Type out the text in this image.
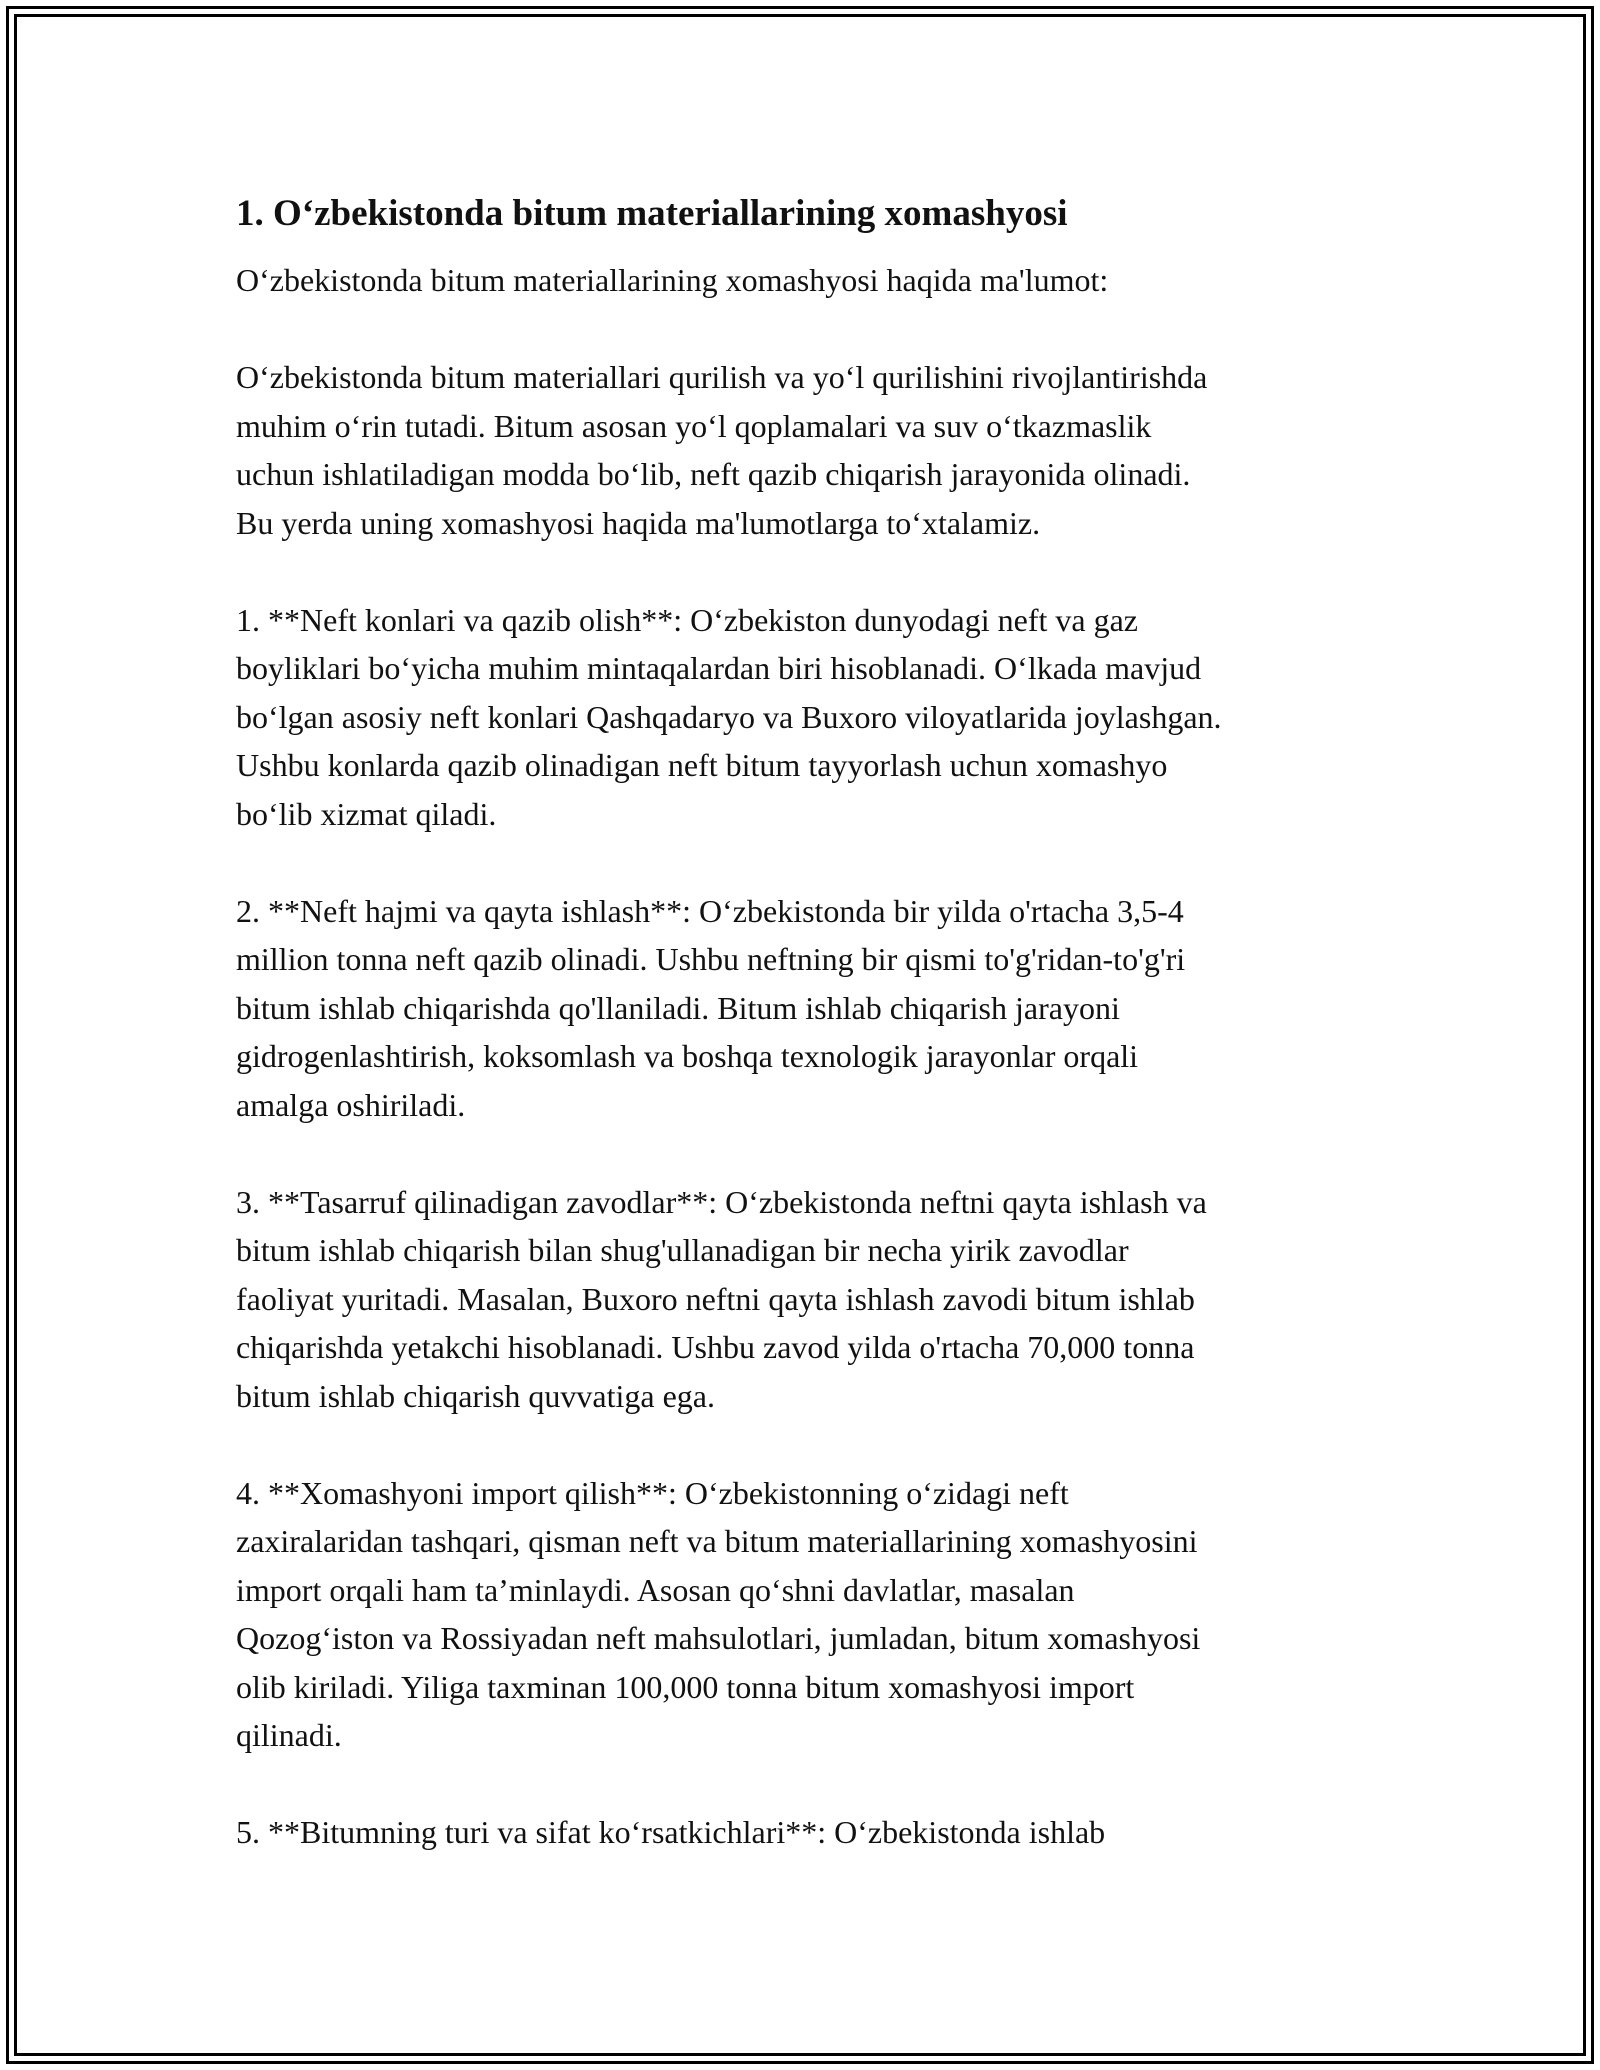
1. O‘zbekistonda bitum materiallarining xomashyosi

O‘zbekistonda bitum materiallarining xomashyosi haqida ma'lumot:

O‘zbekistonda bitum materiallari qurilish va yo‘l qurilishini rivojlantirishda
muhim o‘rin tutadi. Bitum asosan yo‘l qoplamalari va suv o‘tkazmaslik
uchun ishlatiladigan modda bo‘lib, neft qazib chiqarish jarayonida olinadi.
Bu yerda uning xomashyosi haqida ma'lumotlarga to‘xtalamiz.

1. **Neft konlari va qazib olish**: O‘zbekiston dunyodagi neft va gaz
boyliklari bo‘yicha muhim mintaqalardan biri hisoblanadi. O‘lkada mavjud
bo‘lgan asosiy neft konlari Qashqadaryo va Buxoro viloyatlarida joylashgan.
Ushbu konlarda qazib olinadigan neft bitum tayyorlash uchun xomashyo
bo‘lib xizmat qiladi.

2. **Neft hajmi va qayta ishlash**: O‘zbekistonda bir yilda o'rtacha 3,5-4
million tonna neft qazib olinadi. Ushbu neftning bir qismi to'g'ridan-to'g'ri
bitum ishlab chiqarishda qo'llaniladi. Bitum ishlab chiqarish jarayoni
gidrogenlashtirish, koksomlash va boshqa texnologik jarayonlar orqali
amalga oshiriladi.

3. **Tasarruf qilinadigan zavodlar**: O‘zbekistonda neftni qayta ishlash va
bitum ishlab chiqarish bilan shug'ullanadigan bir necha yirik zavodlar
faoliyat yuritadi. Masalan, Buxoro neftni qayta ishlash zavodi bitum ishlab
chiqarishda yetakchi hisoblanadi. Ushbu zavod yilda o'rtacha 70,000 tonna
bitum ishlab chiqarish quvvatiga ega.

4. **Xomashyoni import qilish**: O‘zbekistonning o‘zidagi neft
zaxiralaridan tashqari, qisman neft va bitum materiallarining xomashyosini
import orqali ham ta’minlaydi. Asosan qo‘shni davlatlar, masalan
Qozog‘iston va Rossiyadan neft mahsulotlari, jumladan, bitum xomashyosi
olib kiriladi. Yiliga taxminan 100,000 tonna bitum xomashyosi import
qilinadi.

5. **Bitumning turi va sifat ko‘rsatkichlari**: O‘zbekistonda ishlab
